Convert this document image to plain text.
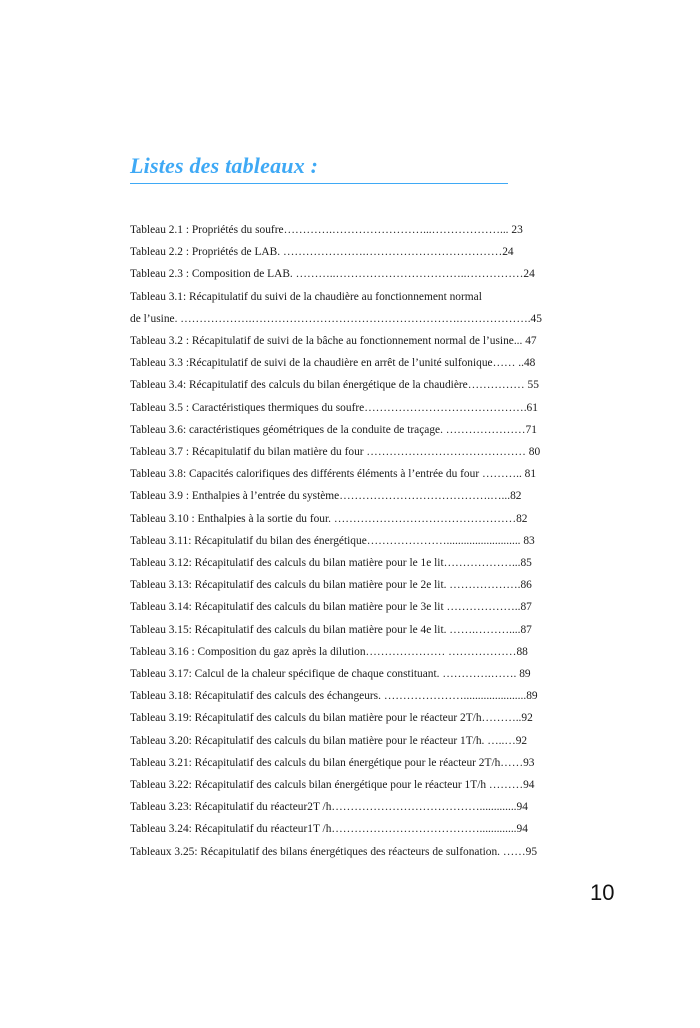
Listes des tableaux :
Tableau 2.1 : Propriétés du soufre………….……………………...………………... 23
Tableau 2.2 : Propriétés de LAB. ………………….………………………………24
Tableau 2.3 : Composition de LAB. ………..……………………………..……………24
Tableau 3.1: Récapitulatif du suivi de la chaudière au fonctionnement normal
de l’usine. ……………….……………………………………………….……………….45
Tableau 3.2 : Récapitulatif de suivi de la bâche au fonctionnement normal de l’usine... 47
Tableau 3.3 :Récapitulatif de suivi de la chaudière en arrêt de l’unité sulfonique…… ..48
Tableau 3.4: Récapitulatif des calculs du bilan énergétique de la chaudière…………… 55
Tableau 3.5 : Caractéristiques thermiques du soufre…………………………………….61
Tableau 3.6: caractéristiques géométriques de la conduite de traçage. …………………71
Tableau 3.7 : Récapitulatif du bilan matière du four …………………………………… 80
Tableau 3.8: Capacités calorifiques des différents éléments à l’entrée du four ……….. 81
Tableau 3.9 : Enthalpies à l’entrée du système………………………………….…...82
Tableau 3.10 : Enthalpies à la sortie du four. …………………………………………82
Tableau 3.11: Récapitulatif du bilan des énergétique………………….......................... 83
Tableau 3.12: Récapitulatif des calculs du bilan matière pour le 1e lit………………...85
Tableau 3.13: Récapitulatif des calculs du bilan matière pour le 2e lit. ……………….86
Tableau 3.14: Récapitulatif des calculs du bilan matière pour le 3e lit ………………..87
Tableau 3.15: Récapitulatif des calculs du bilan matière pour le 4e lit. …….………....87
Tableau 3.16 : Composition du gaz après la dilution………………… ………………88
Tableau 3.17: Calcul de la chaleur spécifique de chaque constituant. ………….……. 89
Tableau 3.18: Récapitulatif des calculs des échangeurs. …………………......................89
Tableau 3.19: Récapitulatif des calculs du bilan matière pour le réacteur 2T/h………..92
Tableau 3.20: Récapitulatif des calculs du bilan matière pour le réacteur 1T/h. …..…92
Tableau 3.21: Récapitulatif des calculs du bilan énergétique pour le réacteur 2T/h……93
Tableau 3.22: Récapitulatif des calculs bilan énergétique pour le réacteur 1T/h ………94
Tableau 3.23: Récapitulatif du réacteur2T /h………………………………….............94
Tableau 3.24: Récapitulatif du réacteur1T /h………………………………….............94
Tableaux 3.25: Récapitulatif des bilans énergétiques des réacteurs de sulfonation. ……95
10
